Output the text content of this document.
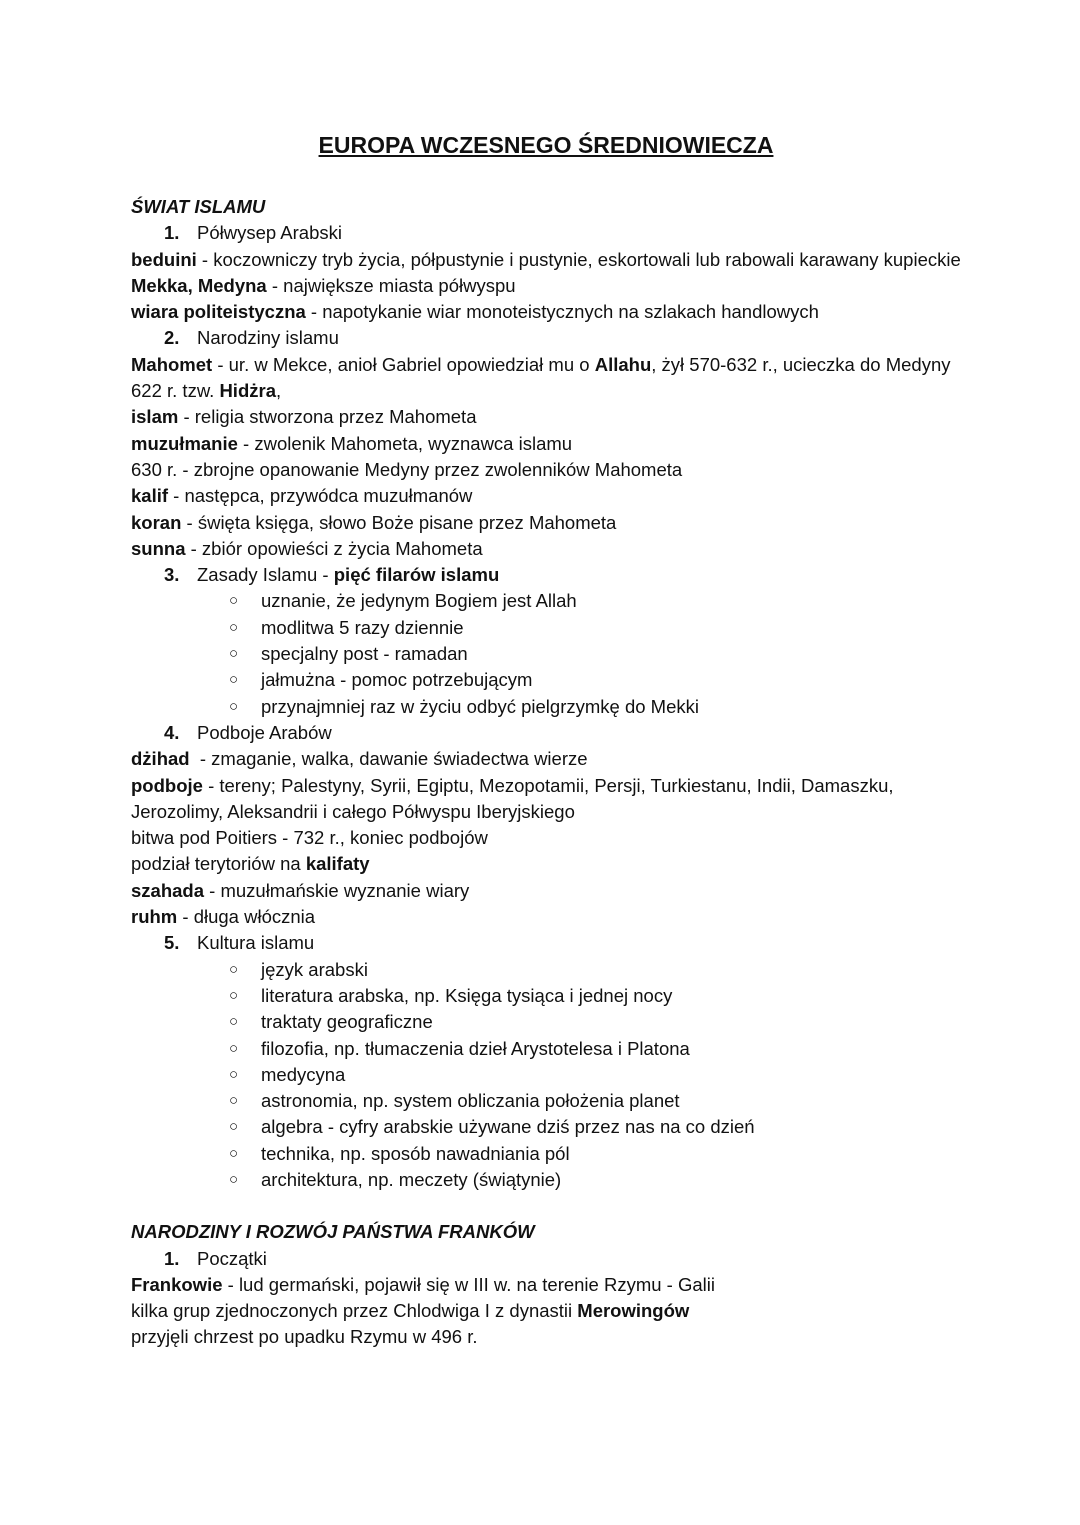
EUROPA WCZESNEGO ŚREDNIOWIECZA

ŚWIAT ISLAMU

1. Półwysep Arabski

beduini - koczowniczy tryb życia, półpustynie i pustynie, eskortowali lub rabowali karawany kupieckie

Mekka, Medyna - największe miasta półwyspu

wiara politeistyczna - napotykanie wiar monoteistycznych na szlakach handlowych

2. Narodziny islamu

Mahomet - ur. w Mekce, anioł Gabriel opowiedział mu o Allahu, żył 570-632 r., ucieczka do Medyny 622 r. tzw. Hidżra,

islam - religia stworzona przez Mahometa

muzułmanie - zwolenik Mahometa, wyznawca islamu

630 r. - zbrojne opanowanie Medyny przez zwolenników Mahometa

kalif - następca, przywódca muzułmanów

koran - święta księga, słowo Boże pisane przez Mahometa

sunna - zbiór opowieści z życia Mahometa

3. Zasady Islamu - pięć filarów islamu

○ uznanie, że jedynym Bogiem jest Allah
○ modlitwa 5 razy dziennie
○ specjalny post - ramadan
○ jałmużna - pomoc potrzebującym
○ przynajmniej raz w życiu odbyć pielgrzymkę do Mekki

4. Podboje Arabów

dżihad  - zmaganie, walka, dawanie świadectwa wierze

podboje - tereny; Palestyny, Syrii, Egiptu, Mezopotamii, Persji, Turkiestanu, Indii, Damaszku, Jerozolimy, Aleksandrii i całego Półwyspu Iberyjskiego

bitwa pod Poitiers - 732 r., koniec podbojów

podział terytoriów na kalifaty

szahada - muzułmańskie wyznanie wiary

ruhm - długa włócznia

5. Kultura islamu

○ język arabski
○ literatura arabska, np. Księga tysiąca i jednej nocy
○ traktaty geograficzne
○ filozofia, np. tłumaczenia dzieł Arystotelesa i Platona
○ medycyna
○ astronomia, np. system obliczania położenia planet
○ algebra - cyfry arabskie używane dziś przez nas na co dzień
○ technika, np. sposób nawadniania pól
○ architektura, np. meczety (świątynie)

NARODZINY I ROZWÓJ PAŃSTWA FRANKÓW

1. Początki

Frankowie - lud germański, pojawił się w III w. na terenie Rzymu - Galii

kilka grup zjednoczonych przez Chlodwiga I z dynastii Merowingów

przyjęli chrzest po upadku Rzymu w 496 r.
